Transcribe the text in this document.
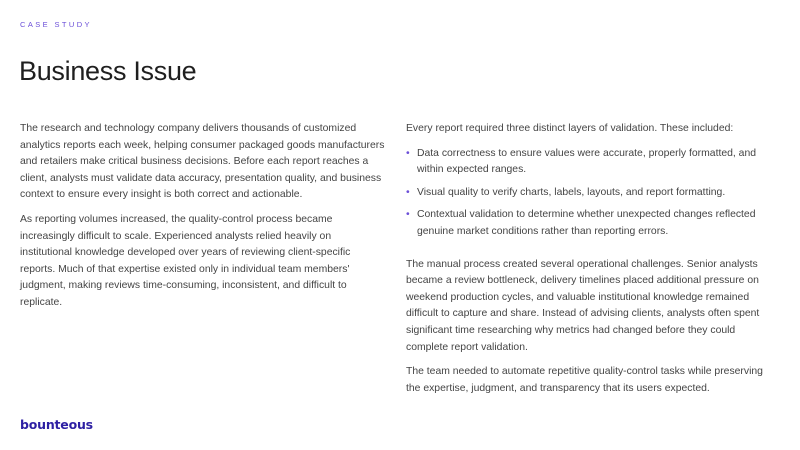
CASE STUDY
Business Issue

The research and technology company delivers thousands of customized analytics reports each week, helping consumer packaged goods manufacturers and retailers make critical business decisions. Before each report reaches a client, analysts must validate data accuracy, presentation quality, and business context to ensure every insight is both correct and actionable.

As reporting volumes increased, the quality-control process became increasingly difficult to scale. Experienced analysts relied heavily on institutional knowledge developed over years of reviewing client-specific reports. Much of that expertise existed only in individual team members' judgment, making reviews time-consuming, inconsistent, and difficult to replicate.

Every report required three distinct layers of validation. These included:

• Data correctness to ensure values were accurate, properly formatted, and within expected ranges.
• Visual quality to verify charts, labels, layouts, and report formatting.
• Contextual validation to determine whether unexpected changes reflected genuine market conditions rather than reporting errors.

The manual process created several operational challenges. Senior analysts became a review bottleneck, delivery timelines placed additional pressure on weekend production cycles, and valuable institutional knowledge remained difficult to capture and share. Instead of advising clients, analysts often spent significant time researching why metrics had changed before they could complete report validation.

The team needed to automate repetitive quality-control tasks while preserving the expertise, judgment, and transparency that its users expected.

bounteous
